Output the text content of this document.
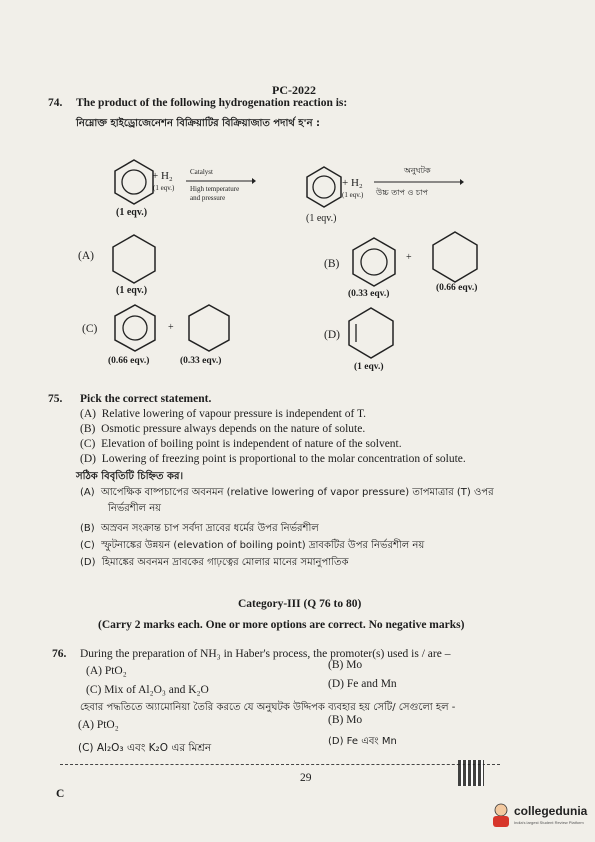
PC-2022
74. The product of the following hydrogenation reaction is:
নিম্নোক্ত হাইড্রোজেনেশন বিক্রিয়াটির বিক্রিয়াজাত পদার্থ হ'ন :
+ H₂
(1 eqv.)
Catalyst
High temperature
and pressure
(1 eqv.)
+ H₂
(1 eqv.)
অনুঘটক
উচ্চ তাপ ও চাপ
(1 eqv.)
(A)
(1 eqv.)
(B)
+
(0.33 eqv.)
(0.66 eqv.)
(C)	+
(0.66 eqv.)	(0.33 eqv.)
(D)
(1 eqv.)
75. Pick the correct statement.
(A) Relative lowering of vapour pressure is independent of T.
(B) Osmotic pressure always depends on the nature of solute.
(C) Elevation of boiling point is independent of nature of the solvent.
(D) Lowering of freezing point is proportional to the molar concentration of solute.
সঠিক বিবৃতিটি চিহ্নিত কর।
(A) আপেক্ষিক বাষ্পচাপের অবনমন (relative lowering of vapor pressure) তাপমাত্রার (T) ওপর
নির্ভরশীল নয়
(B) অস্রবন সংক্রান্ত চাপ সর্বদা দ্রাবের ধর্মের উপর নির্ভরশীল
(C) স্ফুটনাঙ্কের উন্নয়ন (elevation of boiling point) দ্রাবকটির উপর নির্ভরশীল নয়
(D) হিমাঙ্কের অবনমন দ্রাবকের গাঢ়ত্বের মোলার মানের সমানুপাতিক
Category-III (Q 76 to 80)
(Carry 2 marks each. One or more options are correct. No negative marks)
76. During the preparation of NH₃ in Haber's process, the promoter(s) used is / are –
(A) PtO₂	(B) Mo
(C) Mix of Al₂O₃ and K₂O	(D) Fe and Mn
হেবার পদ্ধতিতে অ্যামোনিয়া তৈরি করতে যে অনুঘটক উদ্দিপক ব্যবহার হয় সেটি/ সেগুলো হল -
(A) PtO₂	(B) Mo
(C) Al₂O₃ এবং K₂O এর মিশ্রন
(D) Fe এবং Mn
29
C
collegedunia
India's largest Student Review Platform
